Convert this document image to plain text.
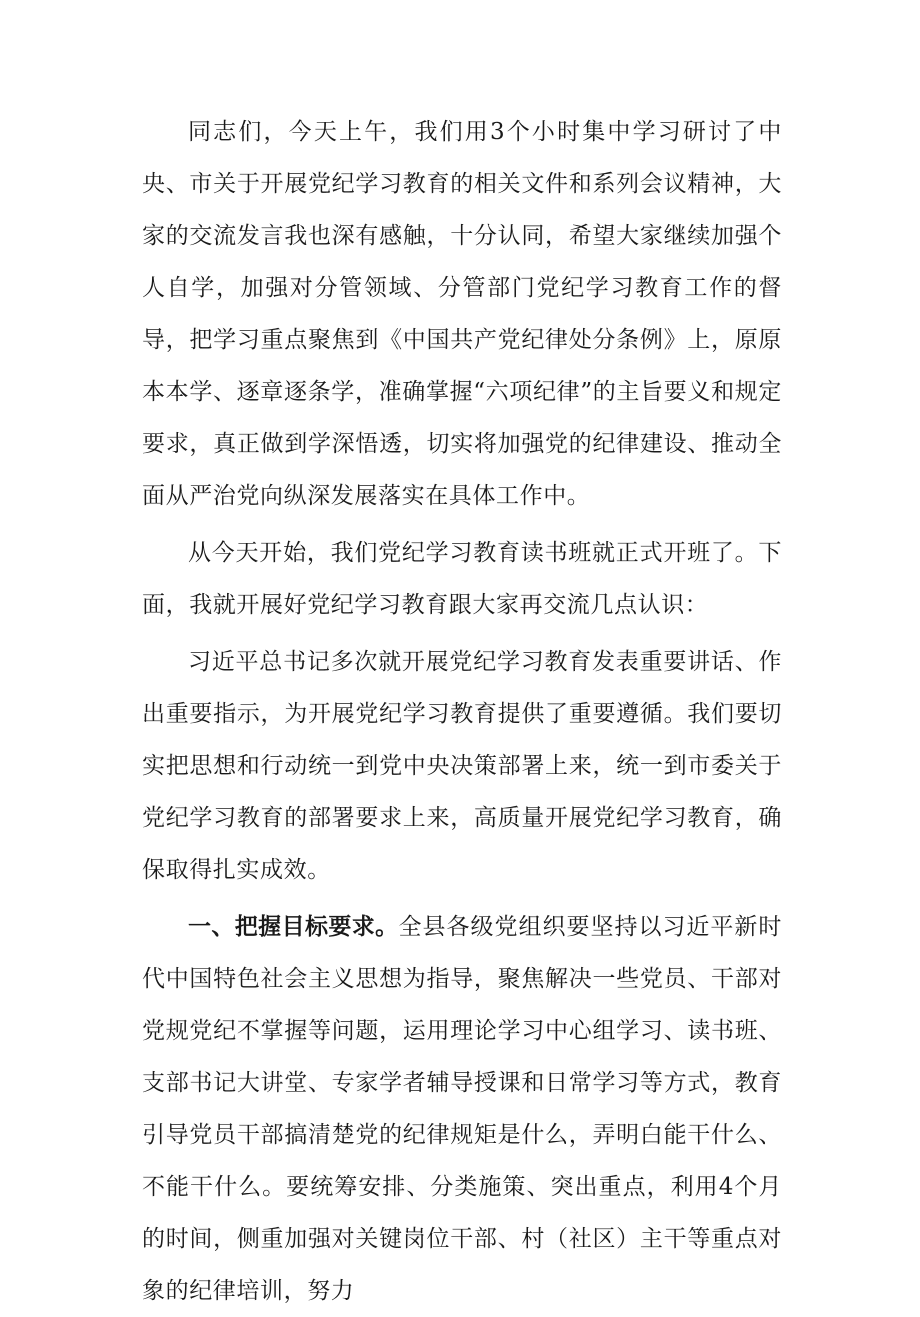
同志们，今天上午，我们用3个小时集中学习研讨了中央、市关于开展党纪学习教育的相关文件和系列会议精神，大家的交流发言我也深有感触，十分认同，希望大家继续加强个人自学，加强对分管领域、分管部门党纪学习教育工作的督导，把学习重点聚焦到《中国共产党纪律处分条例》上，原原本本学、逐章逐条学，准确掌握“六项纪律”的主旨要义和规定要求，真正做到学深悟透，切实将加强党的纪律建设、推动全面从严治党向纵深发展落实在具体工作中。

从今天开始，我们党纪学习教育读书班就正式开班了。下面，我就开展好党纪学习教育跟大家再交流几点认识：

习近平总书记多次就开展党纪学习教育发表重要讲话、作出重要指示，为开展党纪学习教育提供了重要遵循。我们要切实把思想和行动统一到党中央决策部署上来，统一到市委关于党纪学习教育的部署要求上来，高质量开展党纪学习教育，确保取得扎实成效。

一、把握目标要求。全县各级党组织要坚持以习近平新时代中国特色社会主义思想为指导，聚焦解决一些党员、干部对党规党纪不掌握等问题，运用理论学习中心组学习、读书班、支部书记大讲堂、专家学者辅导授课和日常学习等方式，教育引导党员干部搞清楚党的纪律规矩是什么，弄明白能干什么、不能干什么。要统筹安排、分类施策、突出重点，利用4个月的时间，侧重加强对关键岗位干部、村（社区）主干等重点对象的纪律培训，努力
